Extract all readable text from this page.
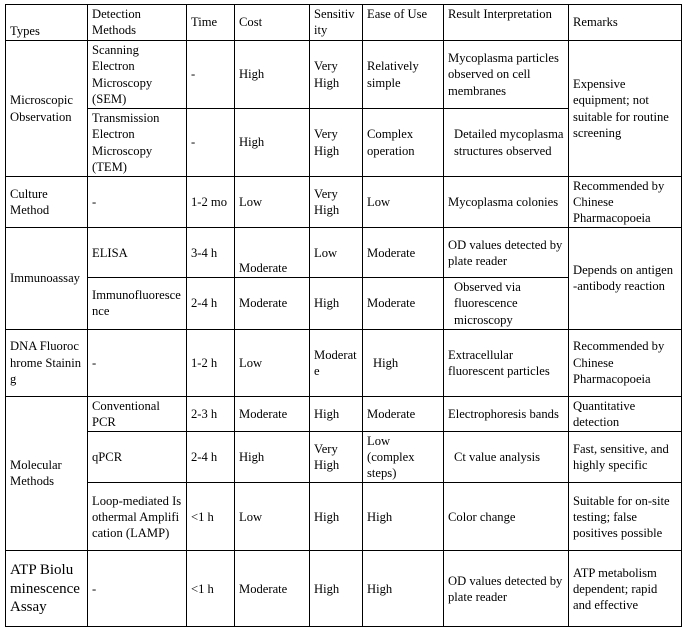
Types	Detection Methods	Time	Cost	Sensitivity	Ease of Use	Result Interpretation	Remarks
Microscopic Observation	Scanning Electron Microscopy (SEM)	-	High	Very High	Relatively simple	Mycoplasma particles observed on cell membranes	Expensive equipment; not suitable for routine screening
	Transmission Electron Microscopy (TEM)	-	High	Very High	Complex operation	Detailed mycoplasma structures observed	
Culture Method	-	1-2 mo	Low	Very High	Low	Mycoplasma colonies	Recommended by Chinese Pharmacopoeia
Immunoassay	ELISA	3-4 h	Moderate	Low	Moderate	OD values detected by plate reader	Depends on antigen-antibody reaction
	Immunofluorescence	2-4 h	Moderate	High	Moderate	Observed via fluorescence microscopy	
DNA Fluorochrome Staining	-	1-2 h	Low	Moderate	High	Extracellular fluorescent particles	Recommended by Chinese Pharmacopoeia
Molecular Methods	Conventional PCR	2-3 h	Moderate	High	Moderate	Electrophoresis bands	Quantitative detection
	qPCR	2-4 h	High	Very High	Low (complex steps)	Ct value analysis	Fast, sensitive, and highly specific
	Loop-mediated Isothermal Amplification (LAMP)	<1 h	Low	High	High	Color change	Suitable for on-site testing; false positives possible
ATP Bioluminescence Assay	-	<1 h	Moderate	High	High	OD values detected by plate reader	ATP metabolism dependent; rapid and effective
